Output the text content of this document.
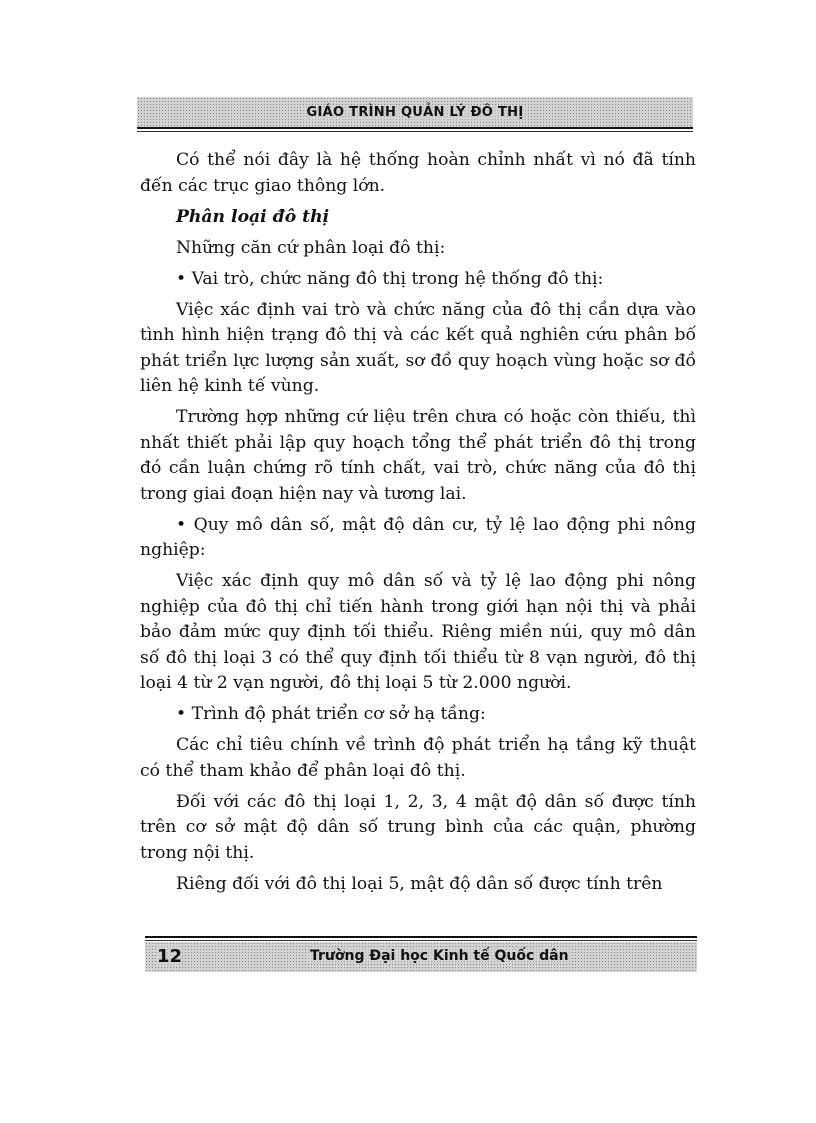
GIÁO TRÌNH QUẢN LÝ ĐÔ THỊ

Có thể nói đây là hệ thống hoàn chỉnh nhất vì nó đã tính đến các trục giao thông lớn.

Phân loại đô thị

Những căn cứ phân loại đô thị:

• Vai trò, chức năng đô thị trong hệ thống đô thị:

Việc xác định vai trò và chức năng của đô thị cần dựa vào tình hình hiện trạng đô thị và các kết quả nghiên cứu phân bố phát triển lực lượng sản xuất, sơ đồ quy hoạch vùng hoặc sơ đồ liên hệ kinh tế vùng.

Trường hợp những cứ liệu trên chưa có hoặc còn thiếu, thì nhất thiết phải lập quy hoạch tổng thể phát triển đô thị trong đó cần luận chứng rõ tính chất, vai trò, chức năng của đô thị trong giai đoạn hiện nay và tương lai.

• Quy mô dân số, mật độ dân cư, tỷ lệ lao động phi nông nghiệp:

Việc xác định quy mô dân số và tỷ lệ lao động phi nông nghiệp của đô thị chỉ tiến hành trong giới hạn nội thị và phải bảo đảm mức quy định tối thiểu. Riêng miền núi, quy mô dân số đô thị loại 3 có thể quy định tối thiểu từ 8 vạn người, đô thị loại 4 từ 2 vạn người, đô thị loại 5 từ 2.000 người.

• Trình độ phát triển cơ sở hạ tầng:

Các chỉ tiêu chính về trình độ phát triển hạ tầng kỹ thuật có thể tham khảo để phân loại đô thị.

Đối với các đô thị loại 1, 2, 3, 4 mật độ dân số được tính trên cơ sở mật độ dân số trung bình của các quận, phường trong nội thị.

Riêng đối với đô thị loại 5, mật độ dân số được tính trên

12	Trường Đại học Kinh tế Quốc dân
